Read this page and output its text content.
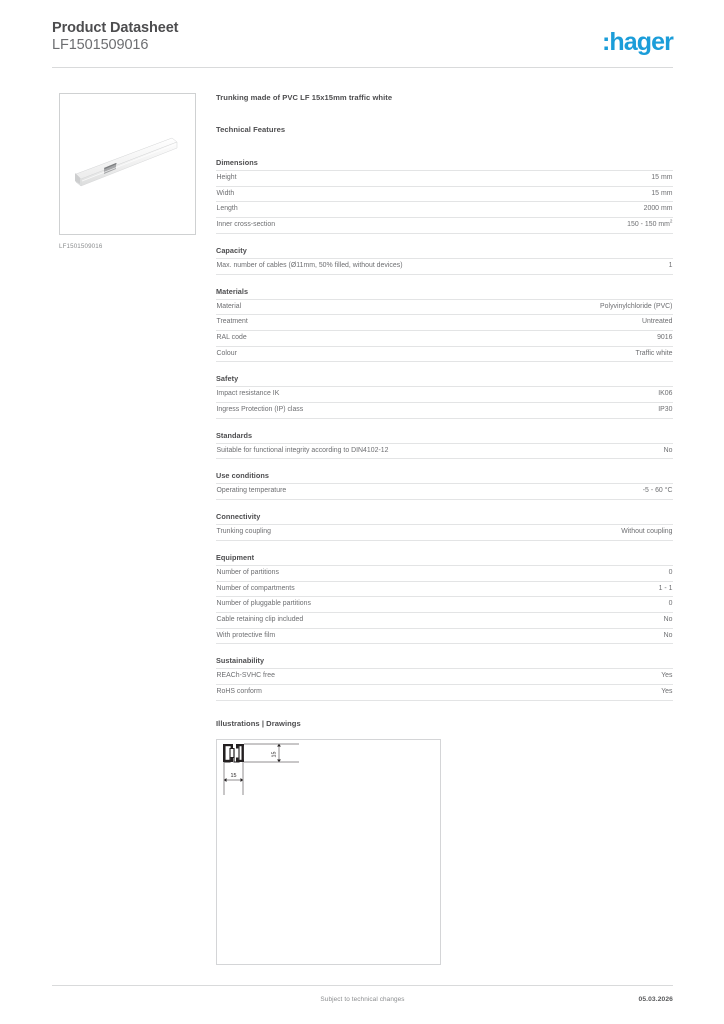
Product Datasheet
LF1501509016	:hager
LF1501509016
Trunking made of PVC LF 15x15mm traffic white
Technical Features
Dimensions
Height	15 mm
Width	15 mm
Length	2000 mm
Inner cross-section	150 - 150 $mm^2$
Capacity
Max. number of cables (Ø11mm, 50% filled, without devices)	1
Materials
Material	Polyvinylchloride (PVC)
Treatment	Untreated
RAL code	9016
Colour	Traffic white
Safety
Impact resistance IK	IK06
Ingress Protection (IP) class	IP30
Standards
Suitable for functional integrity according to DIN4102-12	No
Use conditions
Operating temperature	-5 - 60 °C
Connectivity
Trunking coupling	Without coupling
Equipment
Number of partitions	0
Number of compartments	1 - 1
Number of pluggable partitions	0
Cable retaining clip included	No
With protective film	No
Sustainability
REACh-SVHC free	Yes
RoHS conform	Yes
Illustrations | Drawings
15
15
Subject to technical changes	05.03.2026
